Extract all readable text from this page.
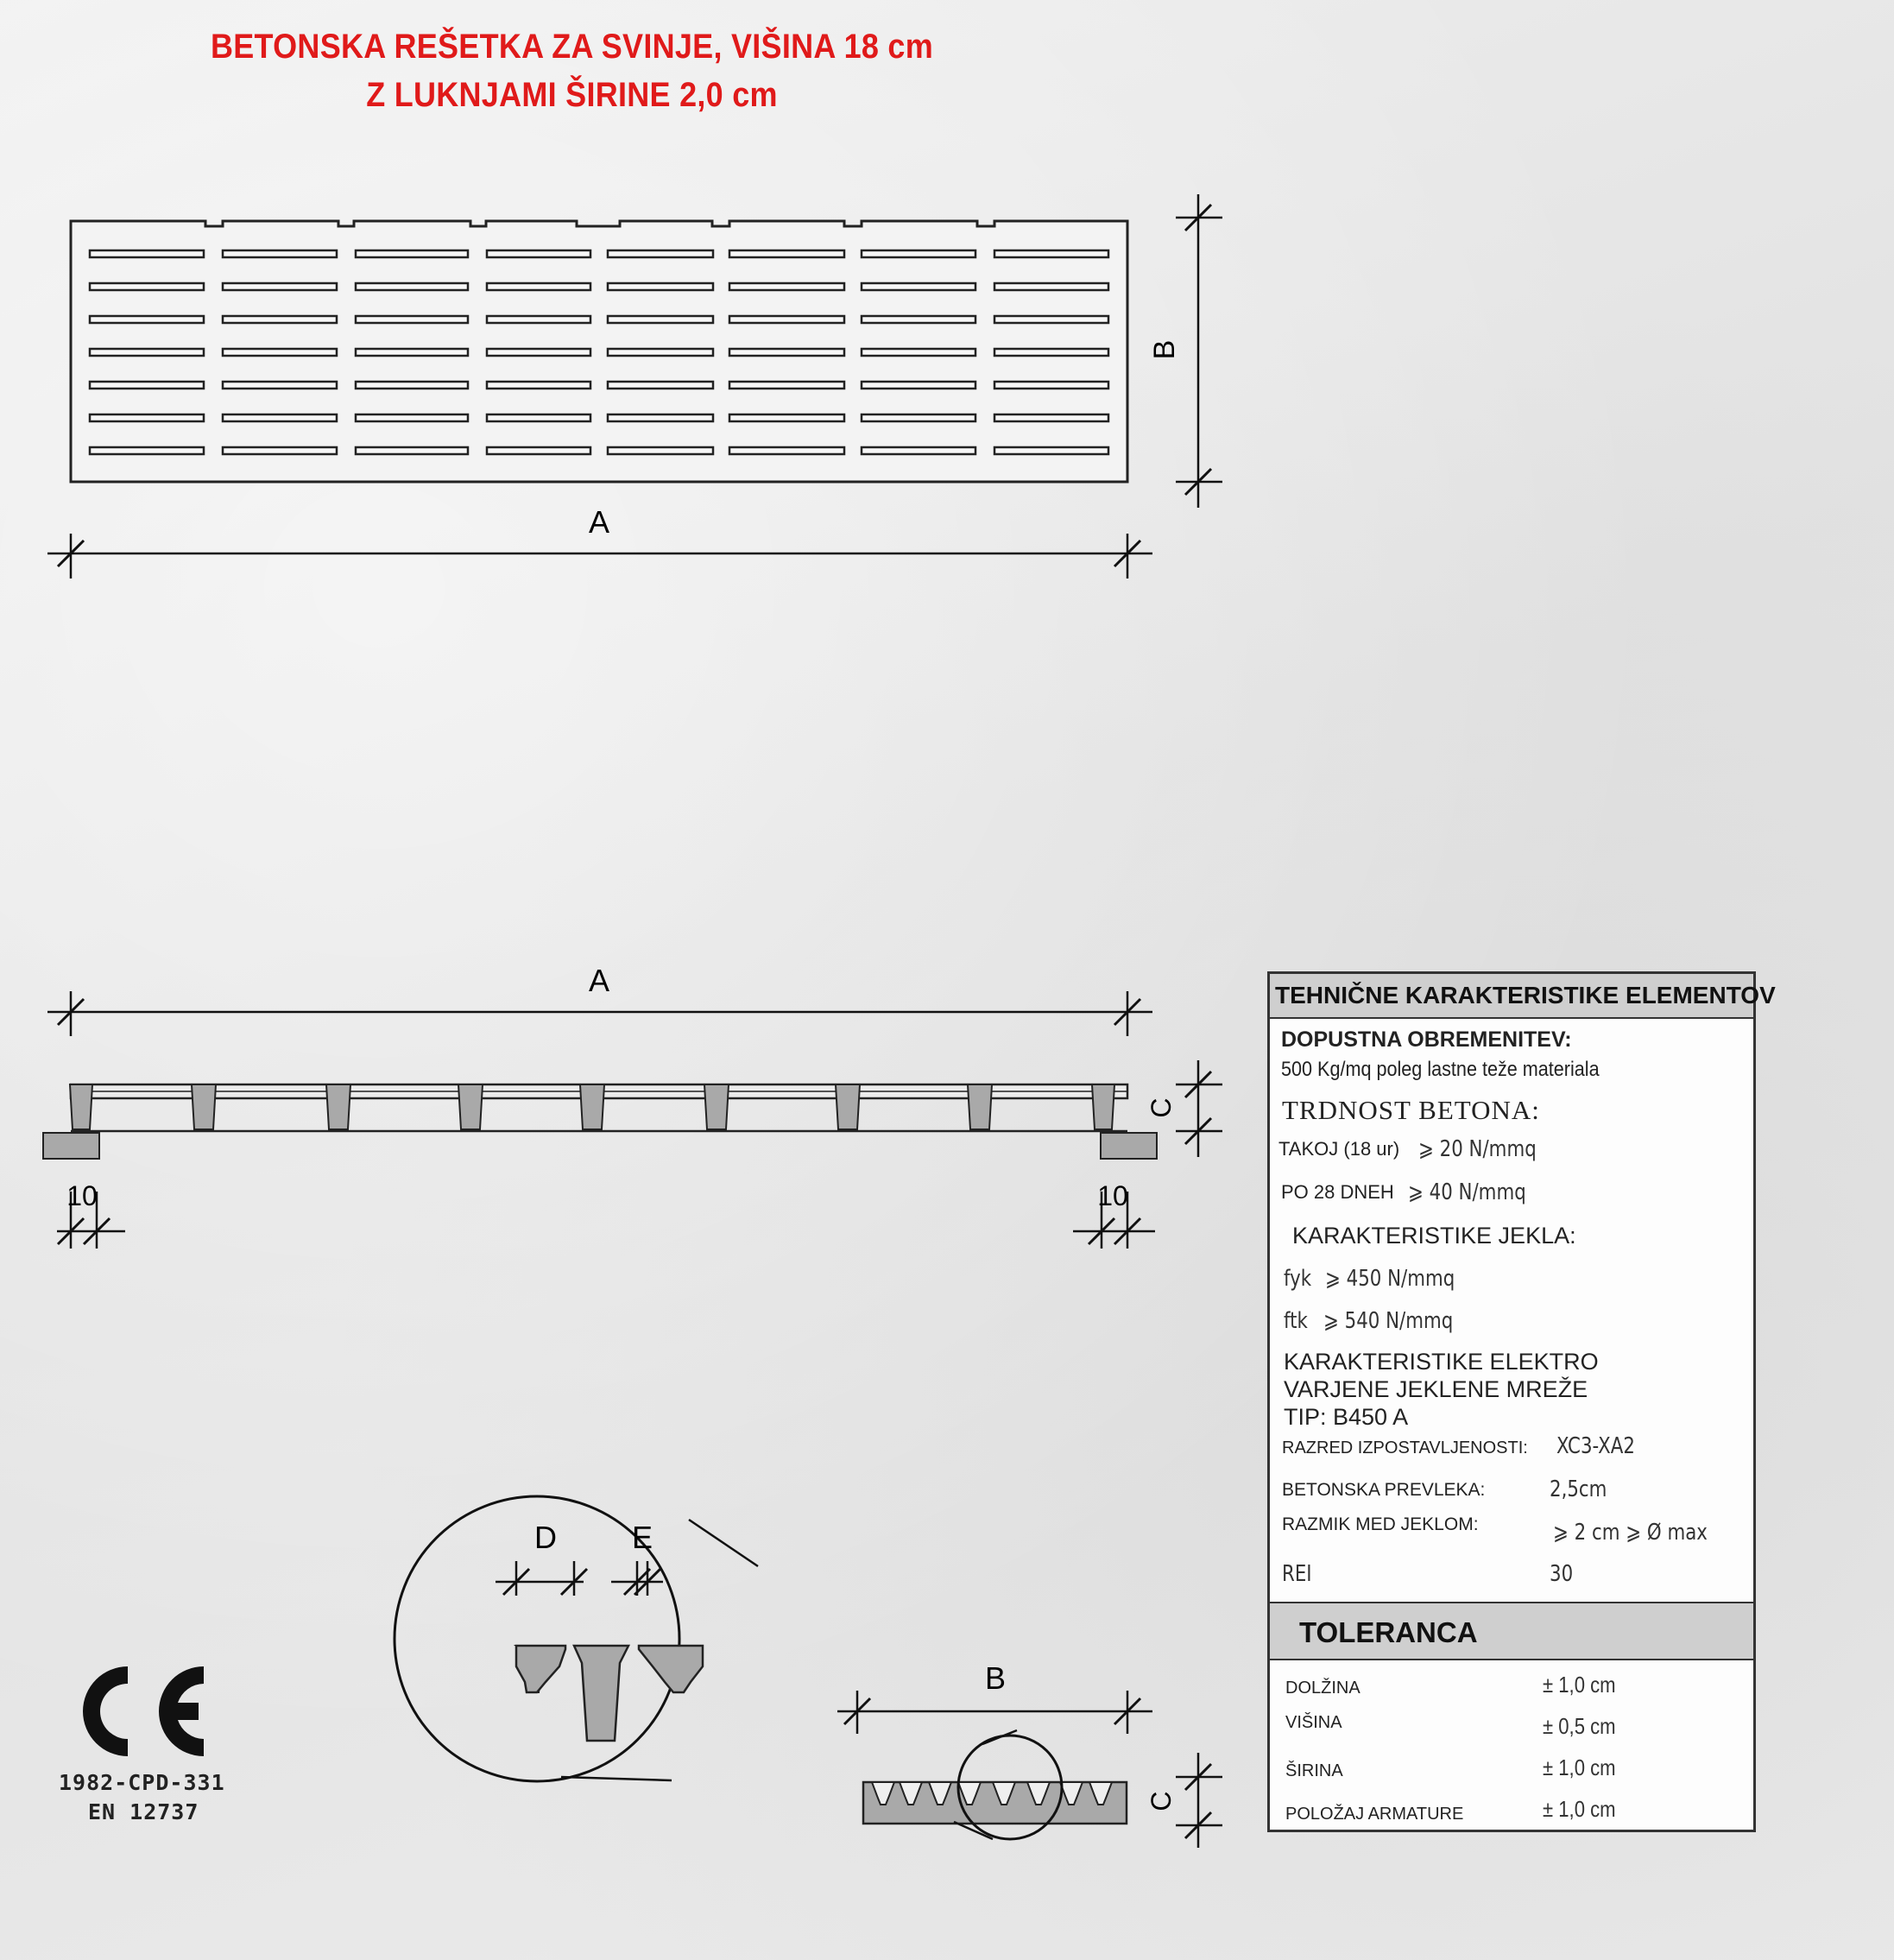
BETONSKA REŠETKA ZA SVINJE, VIŠINA 18 cm
Z LUKNJAMI ŠIRINE 2,0 cm
A
B
A
C
10	10
D E
B
C
1982-CPD-331
EN 12737
TEHNIČNE KARAKTERISTIKE ELEMENTOV
DOPUSTNA OBREMENITEV:
500 Kg/mq poleg lastne teže materiala
TRDNOST BETONA:
TAKOJ (18 ur) ⩾ 20 N/mmq
PO 28 DNEH ⩾ 40 N/mmq
KARAKTERISTIKE JEKLA:
fyk ⩾ 450 N/mmq
ftk ⩾ 540 N/mmq
KARAKTERISTIKE ELEKTRO
VARJENE JEKLENE MREŽE
TIP: B450 A
RAZRED IZPOSTAVLJENOSTI: XC3-XA2
BETONSKA PREVLEKA:	2,5cm
RAZMIK MED JEKLOM:	⩾ 2 cm ⩾ Ø max
REI	30
TOLERANCA
DOLŽINA	± 1,0 cm
VIŠINA	± 0,5 cm
ŠIRINA	± 1,0 cm
POLOŽAJ ARMATURE	± 1,0 cm
